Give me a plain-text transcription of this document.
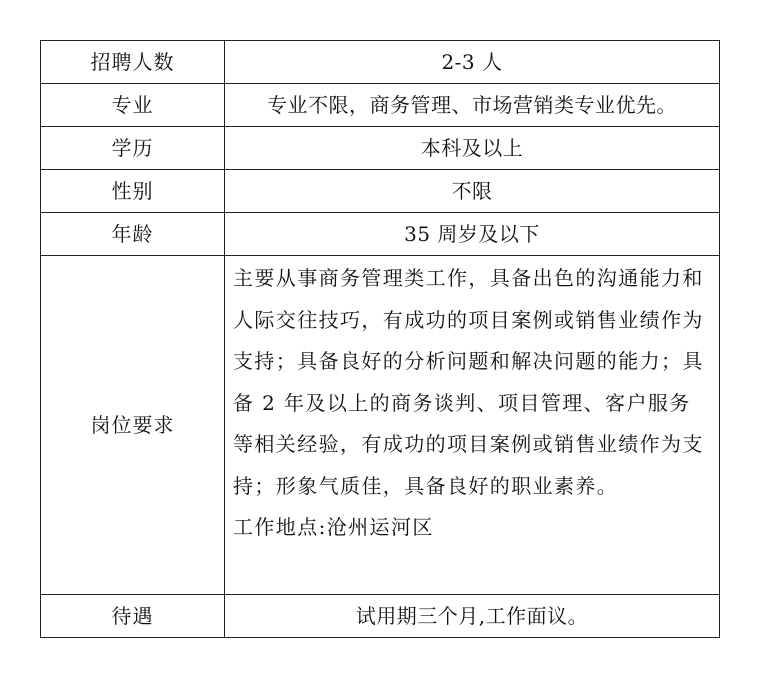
招聘人数	2-3 人
专业	专业不限，商务管理、市场营销类专业优先。
学历	本科及以上
性别	不限
年龄	35 周岁及以下
岗位要求	主要从事商务管理类工作，具备出色的沟通能力和人际交往技巧，有成功的项目案例或销售业绩作为支持；具备良好的分析问题和解决问题的能力；具备 2 年及以上的商务谈判、项目管理、客户服务等相关经验，有成功的项目案例或销售业绩作为支持；形象气质佳，具备良好的职业素养。
工作地点:沧州运河区

待遇	试用期三个月,工作面议。
